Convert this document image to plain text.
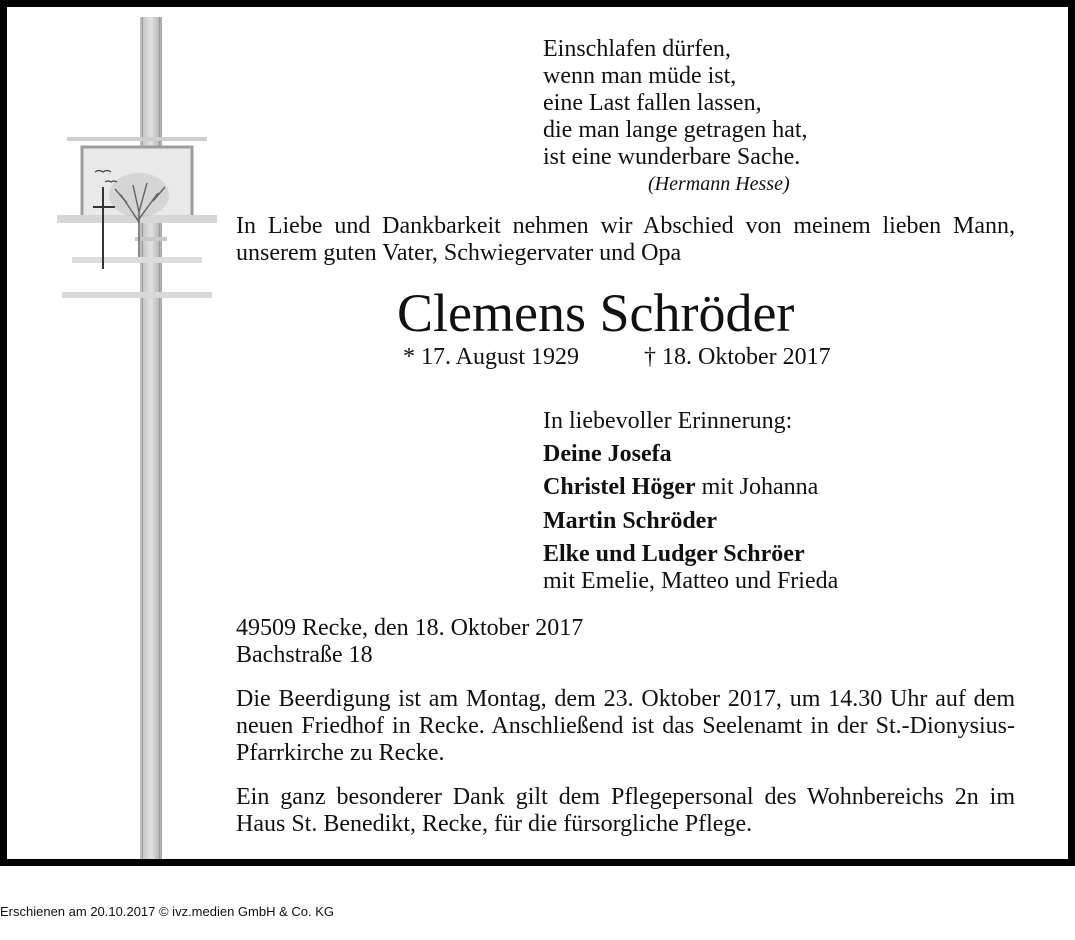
Einschlafen dürfen,
wenn man müde ist,
eine Last fallen lassen,
die man lange getragen hat,
ist eine wunderbare Sache.
(Hermann Hesse)
In Liebe und Dankbarkeit nehmen wir Abschied von meinem lieben Mann, unserem guten Vater, Schwiegervater und Opa
Clemens Schröder
* 17. August 1929	† 18. Oktober 2017
In liebevoller Erinnerung:
Deine Josefa
Christel Höger mit Johanna
Martin Schröder
Elke und Ludger Schröer
mit Emelie, Matteo und Frieda
49509 Recke, den 18. Oktober 2017
Bachstraße 18
Die Beerdigung ist am Montag, dem 23. Oktober 2017, um 14.30 Uhr auf dem neuen Friedhof in Recke. Anschließend ist das Seelenamt in der St.-Dionysius-Pfarrkirche zu Recke.
Ein ganz besonderer Dank gilt dem Pflegepersonal des Wohnbereichs 2n im Haus St. Benedikt, Recke, für die fürsorgliche Pflege.
Erschienen am 20.10.2017 © ivz.medien GmbH & Co. KG
